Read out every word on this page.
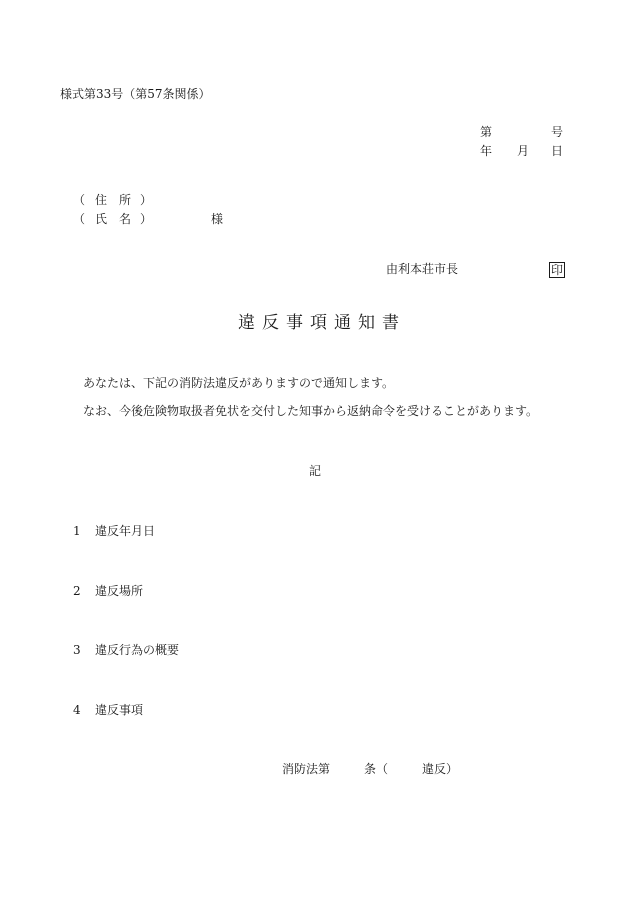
様式第33号（第57条関係）
第	号
年 月 日
（ 住　所 ）
（ 氏　名 ）	様
由利本荘市長	印
違反事項通知書
あなたは、下記の消防法違反がありますので通知します。
なお、今後危険物取扱者免状を交付した知事から返納命令を受けることがあります。
記
1 違反年月日
2 違反場所
3 違反行為の概要
4 違反事項
消防法第	条（	違反）
